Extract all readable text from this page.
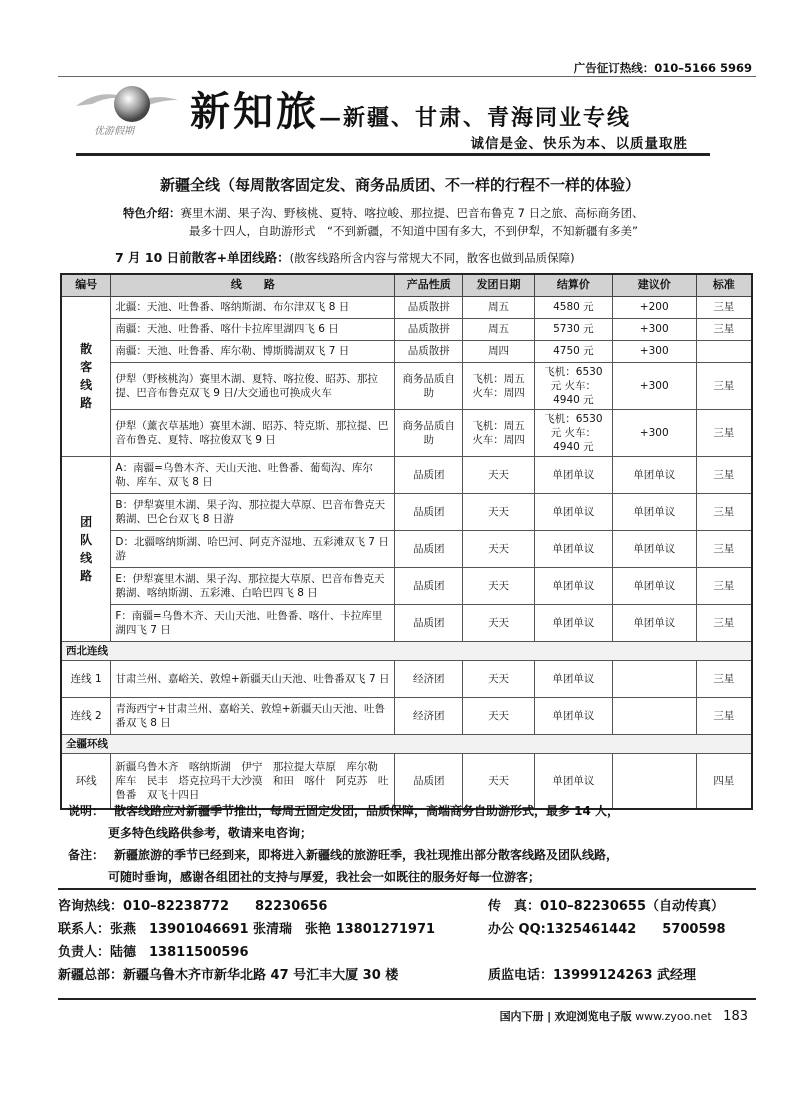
广告征订热线：010–5166 5969
优游假期 新知旅—新疆、甘肃、青海同业专线
诚信是金、快乐为本、以质量取胜
新疆全线（每周散客固定发、商务品质团、不一样的行程不一样的体验）
特色介绍：赛里木湖、果子沟、野核桃、夏特、喀拉峻、那拉提、巴音布鲁克 7 日之旅、高标商务团、
最多十四人，自助游形式　“不到新疆，不知道中国有多大，不到伊犁，不知新疆有多美”
7 月 10 日前散客+单团线路：(散客线路所含内容与常规大不同，散客也做到品质保障)
编号	线　　路	产品性质	发团日期	结算价	建议价	标准
散客线路	北疆：天池、吐鲁番、喀纳斯湖、布尔津双飞 8 日	品质散拼	周五	4580 元	+200	三星
	南疆：天池、吐鲁番、喀什卡拉库里湖四飞 6 日	品质散拼	周五	5730 元	+300	三星
	南疆：天池、吐鲁番、库尔勒、博斯腾湖双飞 7 日	品质散拼	周四	4750 元	+300	
	伊犁（野核桃沟）赛里木湖、夏特、喀拉俊、昭苏、那拉提、巴音布鲁克双飞 9 日/大交通也可换成火车	商务品质自助	飞机：周五 火车：周四	飞机：6530 元 火车：4940 元	+300	三星
	伊犁（薰衣草基地）赛里木湖、昭苏、特克斯、那拉提、巴音布鲁克、夏特、喀拉俊双飞 9 日	商务品质自助	飞机：周五 火车：周四	飞机：6530 元 火车：4940 元	+300	三星
团队线路	A：南疆=乌鲁木齐、天山天池、吐鲁番、葡萄沟、库尔勒、库车、双飞 8 日	品质团	天天	单团单议	单团单议	三星
	B：伊犁赛里木湖、果子沟、那拉提大草原、巴音布鲁克天鹅湖、巴仑台双飞 8 日游	品质团	天天	单团单议	单团单议	三星
	D：北疆喀纳斯湖、哈巴河、阿克齐湿地、五彩滩双飞 7 日游	品质团	天天	单团单议	单团单议	三星
	E：伊犁赛里木湖、果子沟、那拉提大草原、巴音布鲁克天鹅湖、喀纳斯湖、五彩滩、白哈巴四飞 8 日	品质团	天天	单团单议	单团单议	三星
	F：南疆=乌鲁木齐、天山天池、吐鲁番、喀什、卡拉库里湖四飞 7 日	品质团	天天	单团单议	单团单议	三星
西北连线						
连线 1	甘肃兰州、嘉峪关、敦煌+新疆天山天池、吐鲁番双飞 7 日	经济团	天天	单团单议		三星
连线 2	青海西宁+甘肃兰州、嘉峪关、敦煌+新疆天山天池、吐鲁番双飞 8 日	经济团	天天	单团单议		三星
全疆环线						
环线	新疆乌鲁木齐　喀纳斯湖　伊宁　那拉提大草原　库尔勒　库车　民丰　塔克拉玛干大沙漠　和田　喀什　阿克苏　吐鲁番　双飞十四日	品质团	天天	单团单议		四星
说明： 散客线路应对新疆季节推出，每周五固定发团，品质保障，高端商务自助游形式，最多 14 人，
更多特色线路供参考，敬请来电咨询；
备注： 新疆旅游的季节已经到来，即将进入新疆线的旅游旺季，我社现推出部分散客线路及团队线路，
可随时垂询，感谢各组团社的支持与厚爱，我社会一如既往的服务好每一位游客；
咨询热线：010–82238772　　82230656	传　真：010–82230655（自动传真）
联系人：张燕　13901046691 张清瑞　张艳 13801271971	办公 QQ:1325461442　　5700598
负责人：陆德　13811500596
新疆总部：新疆乌鲁木齐市新华北路 47 号汇丰大厦 30 楼	质监电话：13999124263 武经理
国内下册 | 欢迎浏览电子版 www.zyoo.net 183
